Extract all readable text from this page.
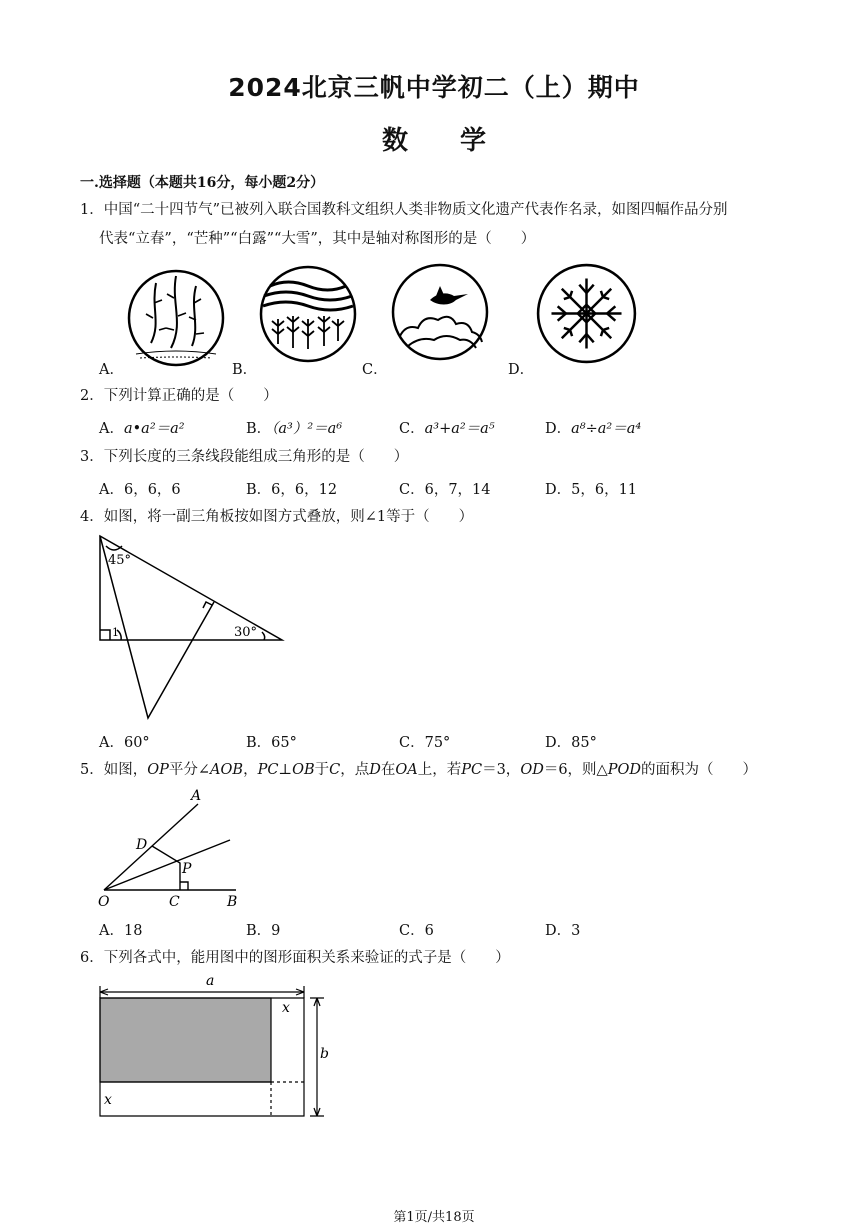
2024北京三帆中学初二（上）期中
数　　学
一.选择题（本题共16分，每小题2分）
1．中国“二十四节气”已被列入联合国教科文组织人类非物质文化遗产代表作名录，如图四幅作品分别
代表“立春”，“芒种”“白露”“大雪”，其中是轴对称图形的是（　　）
A．	B．	C．	D．
2．下列计算正确的是（　　）
A．a•a²＝a²	B．（a³）²＝a⁶	C．a³+a²＝a⁵	D．a⁸÷a²＝a⁴
3．下列长度的三条线段能组成三角形的是（　　）
A．6，6，6	B．6，6，12	C．6，7，14	D．5，6，11
4．如图，将一副三角板按如图方式叠放，则∠1等于（　　）
45°
30°
1
A．60°	B．65°	C．75°	D．85°
5．如图，OP平分∠AOB，PC⊥OB于C，点D在OA上，若PC＝3，OD＝6，则△POD的面积为（　　）
A
D
P
O	C	B
A．18	B．9	C．6	D．3
6．下列各式中，能用图中的图形面积关系来验证的式子是（　　）
a
x
b
x
第1页/共18页
